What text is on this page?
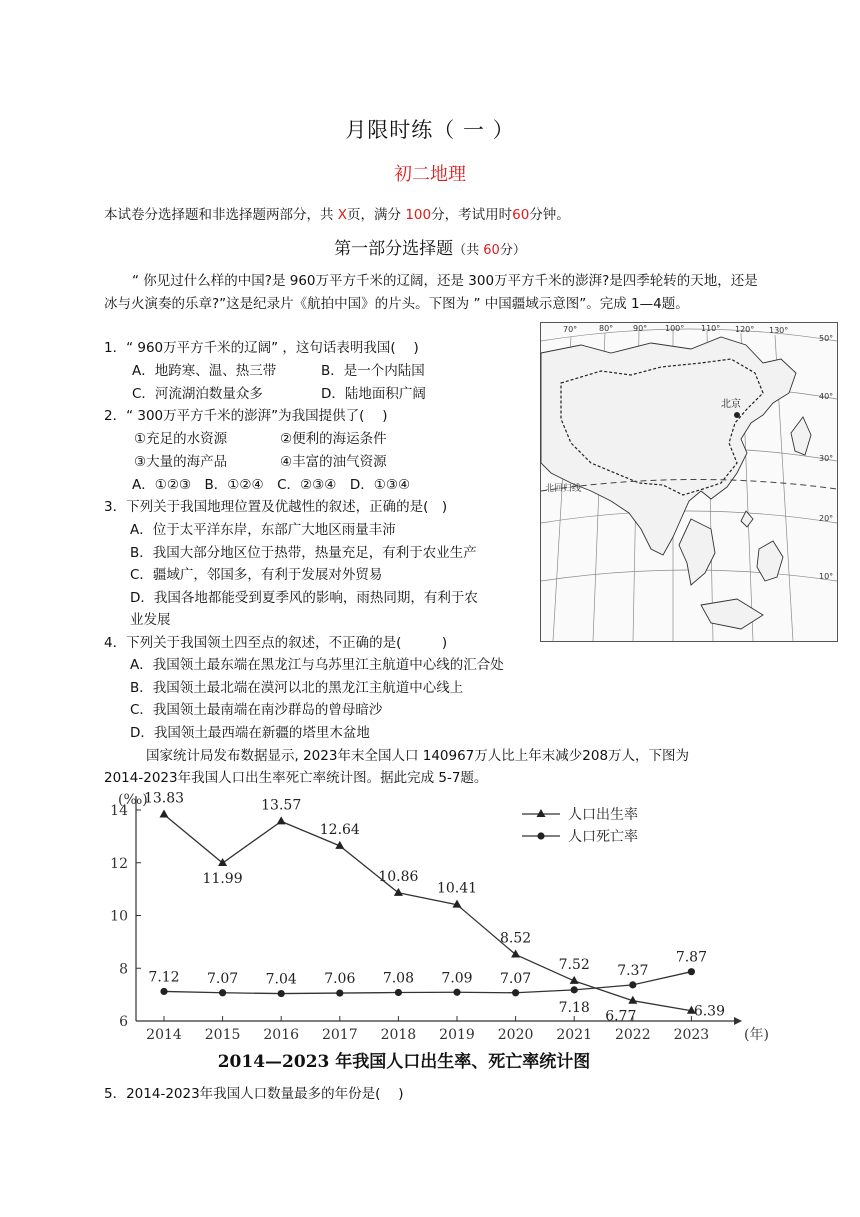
月限时练（ 一 ）
初二地理
本试卷分选择题和非选择题两部分，共 X页，满分 100分，考试用时60分钟。
第一部分选择题（共 60分）
“ 你见过什么样的中国?是 960万平方千米的辽阔，还是 300万平方千米的澎湃?是四季轮转的天地，还是冰与火演奏的乐章?”这是纪录片《航拍中国》的片头。下图为 ” 中国疆域示意图”。完成 1—4题。
1．“ 960万平方千米的辽阔” ，这句话表明我国(　 )
A．地跨寒、温、热三带	B．是一个内陆国
C．河流湖泊数量众多	D．陆地面积广阔
2．“ 300万平方千米的澎湃”为我国提供了(　 )
①充足的水资源	②便利的海运条件
③大量的海产品	④丰富的油气资源
A．①②③　B．①②④　C．②③④　D．①③④
3．下列关于我国地理位置及优越性的叙述，正确的是(　)
A．位于太平洋东岸，东部广大地区雨量丰沛
B．我国大部分地区位于热带，热量充足，有利于农业生产
C．疆域广，邻国多，有利于发展对外贸易
D．我国各地都能受到夏季风的影响，雨热同期，有利于农
业发展
4．下列关于我国领土四至点的叙述，不正确的是(　　　)
A．我国领土最东端在黑龙江与乌苏里江主航道中心线的汇合处
B．我国领土最北端在漠河以北的黑龙江主航道中心线上
C．我国领土最南端在南沙群岛的曾母暗沙
D．我国领土最西端在新疆的塔里木盆地
国家统计局发布数据显示, 2023年末全国人口 140967万人比上年末减少208万人，下图为
2014-2023年我国人口出生率死亡率统计图。据此完成 5-7题。
北回归线
北京
70°	80° 90° 100° 110° 120° 130°
50°
40°
30°
20°
10°
6
8
10
12
14
(‰)
2014 2015 2016 2017 2018 2019 2020 2021 2022 2023 (年)
13.83
11.99
13.57
12.64
10.86
10.41
8.52
7.52
6.77	6.39
7.12 7.07 7.04 7.06 7.08 7.09 7.07
7.18
7.37
7.87
人口出生率
人口死亡率
2014—2023 年我国人口出生率、死亡率统计图
5．2014-2023年我国人口数量最多的年份是(　 )
